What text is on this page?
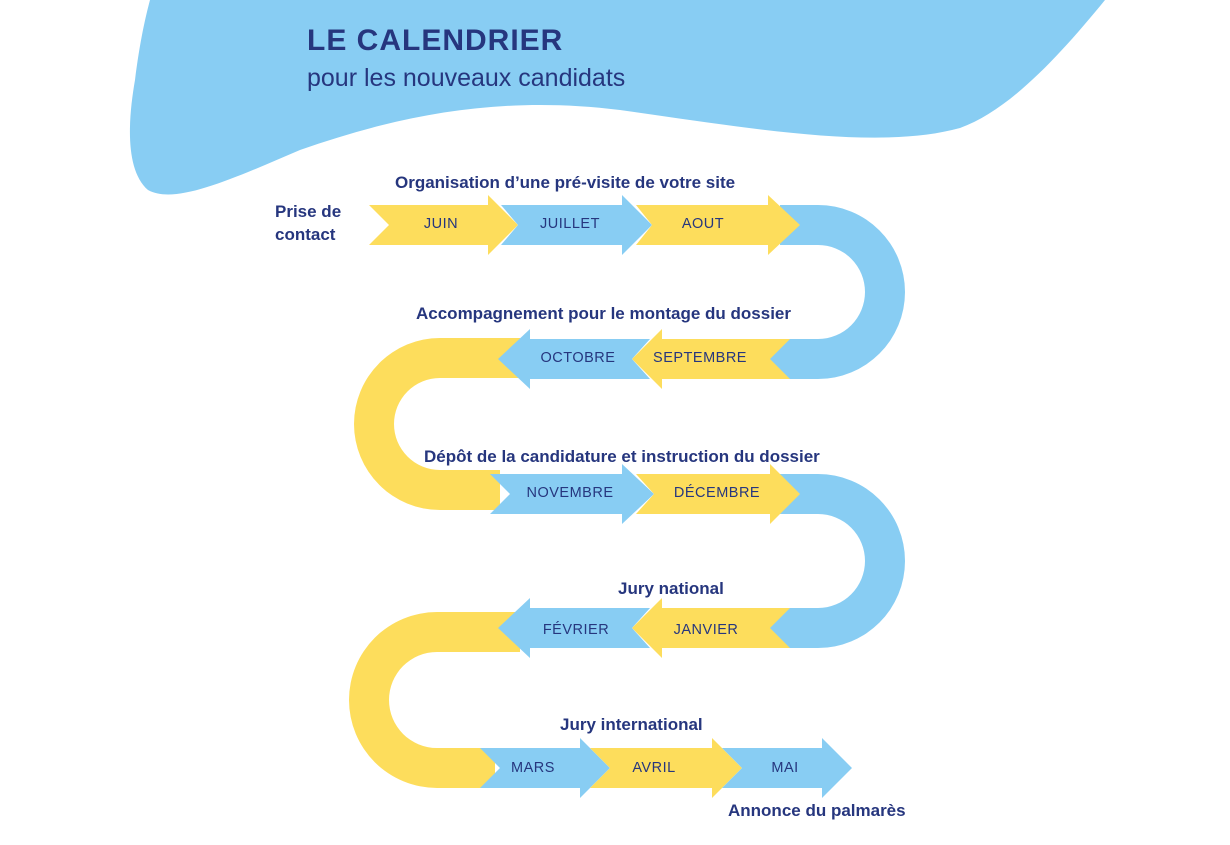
JUIN	JUILLET	AOUT
SEPTEMBRE
OCTOBRE
NOVEMBRE	DÉCEMBRE
JANVIER
FÉVRIER
MARS	AVRIL	MAI
LE CALENDRIER
pour les nouveaux candidats
Prise de
contact
Organisation d’une pré-visite de votre site
Accompagnement pour le montage du dossier
Dépôt de la candidature et instruction du dossier
Jury national
Jury international
Annonce du palmarès
